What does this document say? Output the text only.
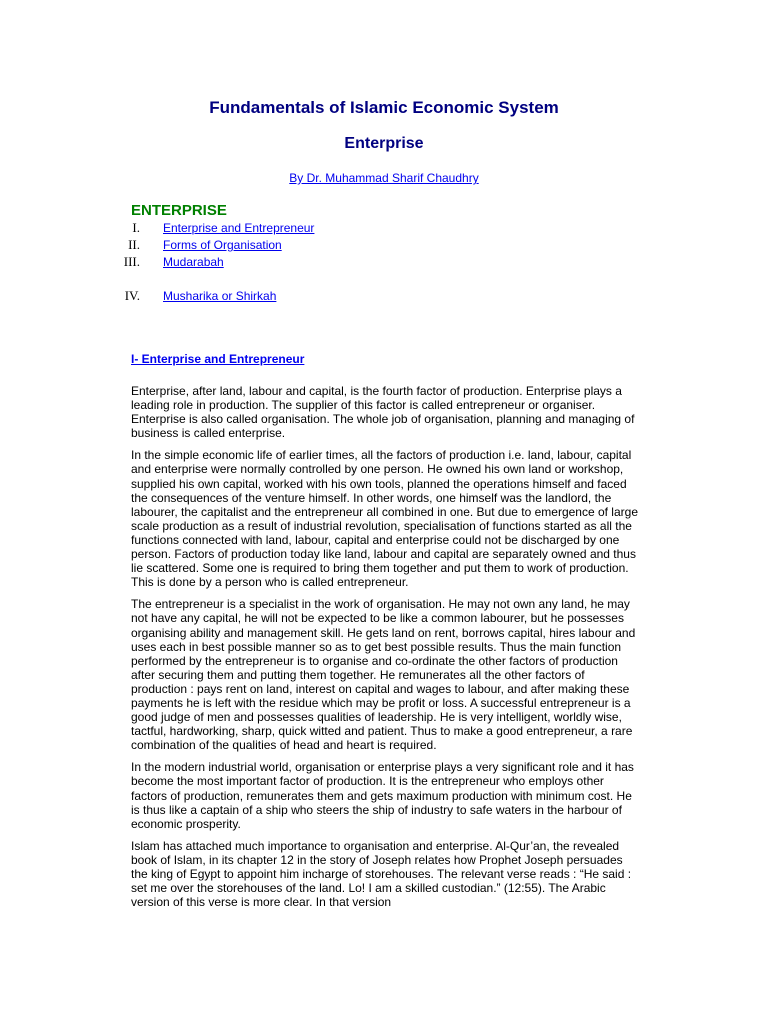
Fundamentals of Islamic Economic System
Enterprise
By Dr. Muhammad Sharif Chaudhry
ENTERPRISE
I. Enterprise and Entrepreneur
II. Forms of Organisation
III. Mudarabah
IV. Musharika or Shirkah
I- Enterprise and Entrepreneur

Enterprise, after land, labour and capital, is the fourth factor of production. Enterprise plays a leading role in production. The supplier of this factor is called entrepreneur or organiser. Enterprise is also called organisation. The whole job of organisation, planning and managing of business is called enterprise.

In the simple economic life of earlier times, all the factors of production i.e. land, labour, capital and enterprise were normally controlled by one person. He owned his own land or workshop, supplied his own capital, worked with his own tools, planned the operations himself and faced the consequences of the venture himself. In other words, one himself was the landlord, the labourer, the capitalist and the entrepreneur all combined in one. But due to emergence of large scale production as a result of industrial revolution, specialisation of functions started as all the functions connected with land, labour, capital and enterprise could not be discharged by one person. Factors of production today like land, labour and capital are separately owned and thus lie scattered. Some one is required to bring them together and put them to work of production. This is done by a person who is called entrepreneur.

The entrepreneur is a specialist in the work of organisation. He may not own any land, he may not have any capital, he will not be expected to be like a common labourer, but he possesses organising ability and management skill. He gets land on rent, borrows capital, hires labour and uses each in best possible manner so as to get best possible results. Thus the main function performed by the entrepreneur is to organise and co-ordinate the other factors of production after securing them and putting them together. He remunerates all the other factors of production : pays rent on land, interest on capital and wages to labour, and after making these payments he is left with the residue which may be profit or loss. A successful entrepreneur is a good judge of men and possesses qualities of leadership. He is very intelligent, worldly wise, tactful, hardworking, sharp, quick witted and patient. Thus to make a good entrepreneur, a rare combination of the qualities of head and heart is required.

In the modern industrial world, organisation or enterprise plays a very significant role and it has become the most important factor of production. It is the entrepreneur who employs other factors of production, remunerates them and gets maximum production with minimum cost. He is thus like a captain of a ship who steers the ship of industry to safe waters in the harbour of economic prosperity.

Islam has attached much importance to organisation and enterprise. Al-Qur’an, the revealed book of Islam, in its chapter 12 in the story of Joseph relates how Prophet Joseph persuades the king of Egypt to appoint him incharge of storehouses. The relevant verse reads : “He said : set me over the storehouses of the land. Lo! I am a skilled custodian.” (12:55). The Arabic version of this verse is more clear. In that version
